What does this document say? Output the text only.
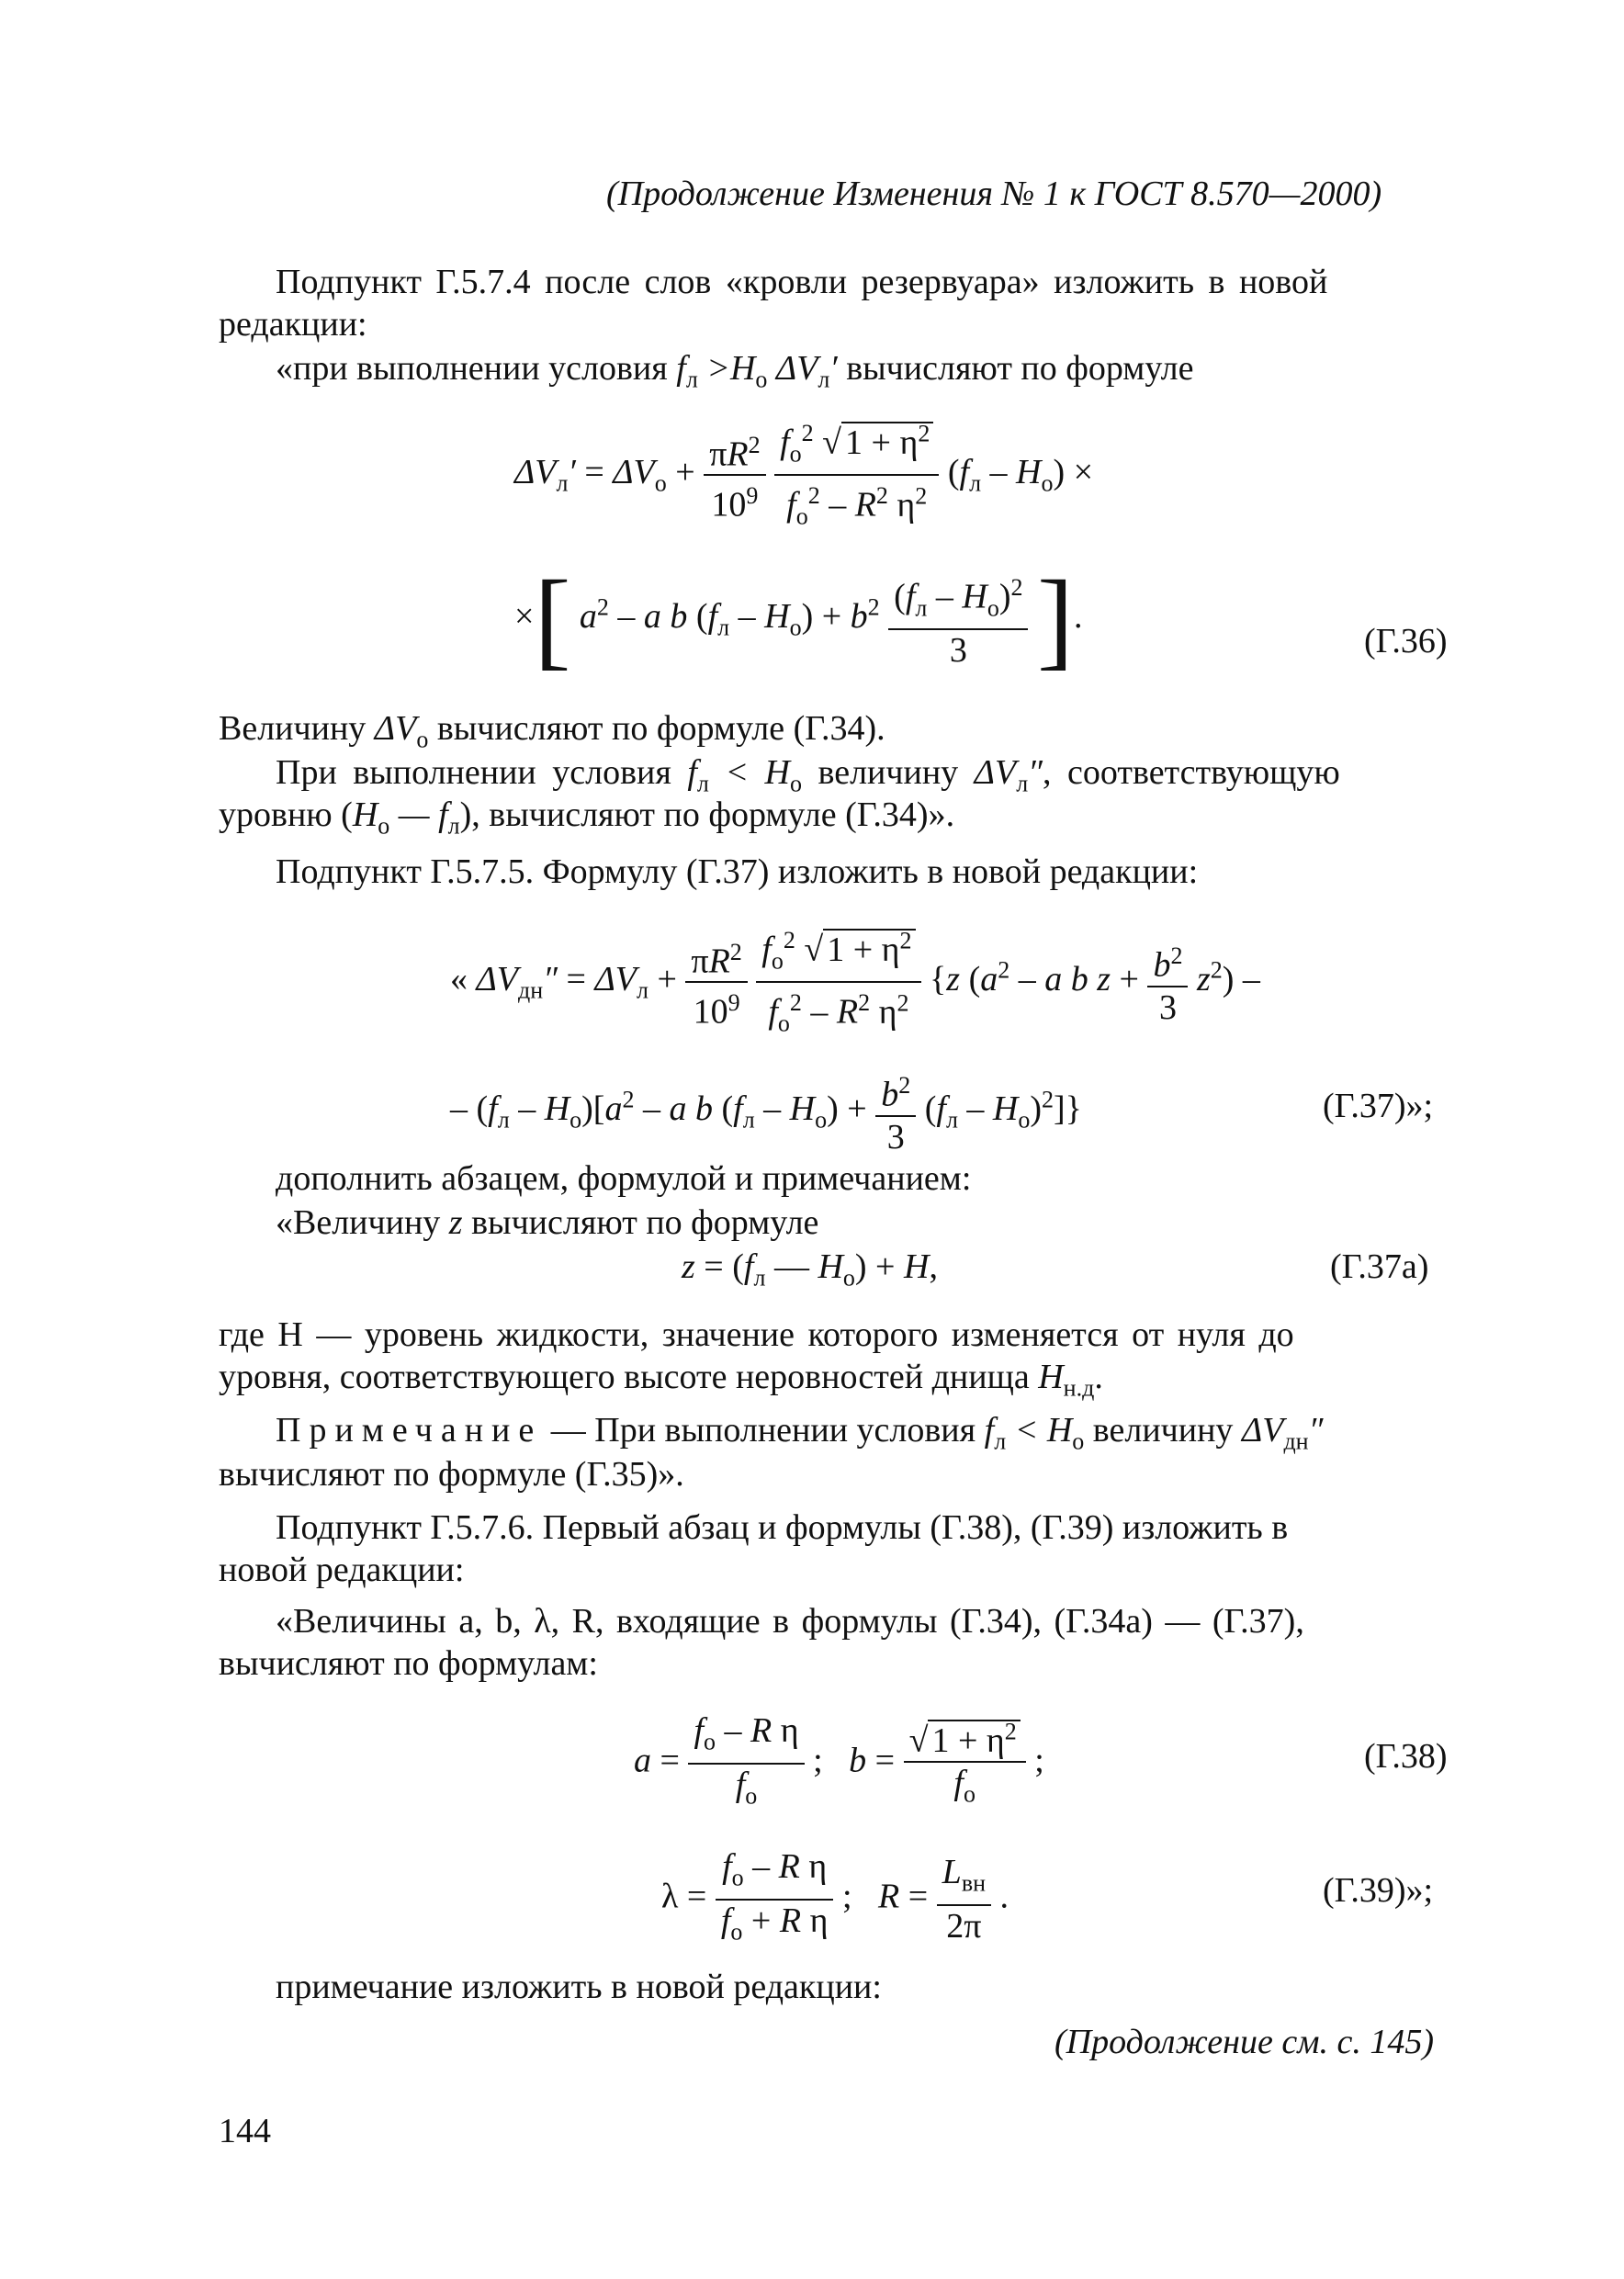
(Продолжение Изменения № 1 к ГОСТ 8.570—2000)
Подпункт Г.5.7.4 после слов «кровли резервуара» изложить в новой
редакции:
«при выполнении условия $f_л >H_о$ $\Delta V_л'$ вычисляют по формуле
$\Delta V_л' = \Delta V_о + \frac{\pi R^2}{10^9}$
$\frac{f_о^2 √ 1 + \eta^2}{f_о^2 - R^2 \eta^2} (f_л - H_о)$ ×
×[ $a^2$ – a b $(f_л - H_о) + b^2 \frac{(f_л - H_о)^2}{3}$ ].
(Г.36)
Величину $\Delta V_о$ вычисляют по формуле (Г.34).
При выполнении условия $f_л < H_о$ величину $\Delta V_л''$, соответствующую
уровню ($H_о$ — $f_л$), вычисляют по формуле (Г.34)».
Подпункт Г.5.7.5. Формулу (Г.37) изложить в новой редакции:
« $\Delta V_{дн}'' = \Delta V_л + \frac{\pi R^2}{10^9}$
$\frac{f_о^2 √ 1 + \eta^2}{f_о^2 - R^2 \eta^2} \{z$ ($a^2$ – a b $z + \frac{b^2}{3} z^2$) –
– $(f_л - H_о)[a^2$ – a b $(f_л - H_о) + \frac{b^2}{3} (f_л - H_о)^2$]}	(Г.37)»;
дополнить абзацем, формулой и примечанием:
«Величину z вычисляют по формуле
$z = (f_л$ — $H_о) + H$,	(Г.37а)
где H — уровень жидкости, значение которого изменяется от нуля до
уровня, соответствующего высоте неровностей днища $H_{н.д}$.
Примечание — При выполнении условия $f_л < H_о$ величину $\Delta V_{дн}''$
вычисляют по формуле (Г.35)».
Подпункт Г.5.7.6. Первый абзац и формулы (Г.38), (Г.39) изложить в
новой редакции:
«Величины a, b, λ, R, входящие в формулы (Г.34), (Г.34а) — (Г.37),
вычисляют по формулам:
$a = \frac{f_о - R \eta}{f_о}$ ;   $b = \frac{√ 1 + \eta^2}{f_о}$ ;	(Г.38)
$\lambda = \frac{f_о - R \eta}{f_о + R \eta}$ ;   $R = \frac{L_{вн}}{2\pi}$ .	(Г.39)»;
примечание изложить в новой редакции:
(Продолжение см. с. 145)
144
